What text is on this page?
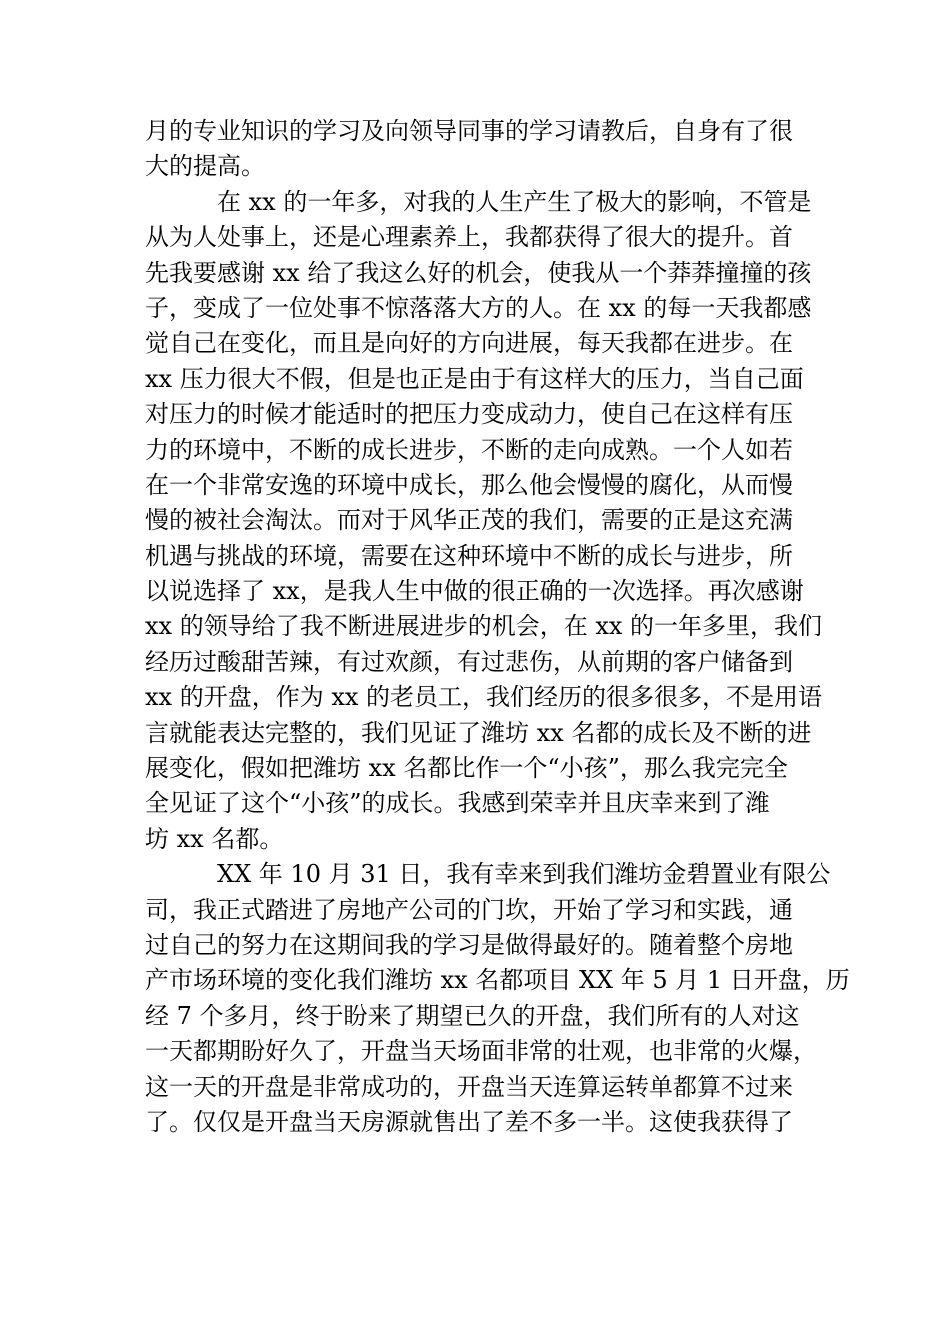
月的专业知识的学习及向领导同事的学习请教后，自身有了很
大的提高。
在 xx 的一年多，对我的人生产生了极大的影响，不管是
从为人处事上，还是心理素养上，我都获得了很大的提升。首
先我要感谢 xx 给了我这么好的机会，使我从一个莽莽撞撞的孩
子，变成了一位处事不惊落落大方的人。在 xx 的每一天我都感
觉自己在变化，而且是向好的方向进展，每天我都在进步。在
xx 压力很大不假，但是也正是由于有这样大的压力，当自己面
对压力的时候才能适时的把压力变成动力，使自己在这样有压
力的环境中，不断的成长进步，不断的走向成熟。一个人如若
在一个非常安逸的环境中成长，那么他会慢慢的腐化，从而慢
慢的被社会淘汰。而对于风华正茂的我们，需要的正是这充满
机遇与挑战的环境，需要在这种环境中不断的成长与进步，所
以说选择了 xx，是我人生中做的很正确的一次选择。再次感谢
xx 的领导给了我不断进展进步的机会，在 xx 的一年多里，我们
经历过酸甜苦辣，有过欢颜，有过悲伤，从前期的客户储备到
xx 的开盘，作为 xx 的老员工，我们经历的很多很多，不是用语
言就能表达完整的，我们见证了潍坊 xx 名都的成长及不断的进
展变化，假如把潍坊 xx 名都比作一个“小孩”，那么我完完全
全见证了这个“小孩”的成长。我感到荣幸并且庆幸来到了潍
坊 xx 名都。
XX 年 10 月 31 日，我有幸来到我们潍坊金碧置业有限公
司，我正式踏进了房地产公司的门坎，开始了学习和实践，通
过自己的努力在这期间我的学习是做得最好的。随着整个房地
产市场环境的变化我们潍坊 xx 名都项目 XX 年 5 月 1 日开盘，历
经 7 个多月，终于盼来了期望已久的开盘，我们所有的人对这
一天都期盼好久了，开盘当天场面非常的壮观，也非常的火爆，
这一天的开盘是非常成功的，开盘当天连算运转单都算不过来
了。仅仅是开盘当天房源就售出了差不多一半。这使我获得了
